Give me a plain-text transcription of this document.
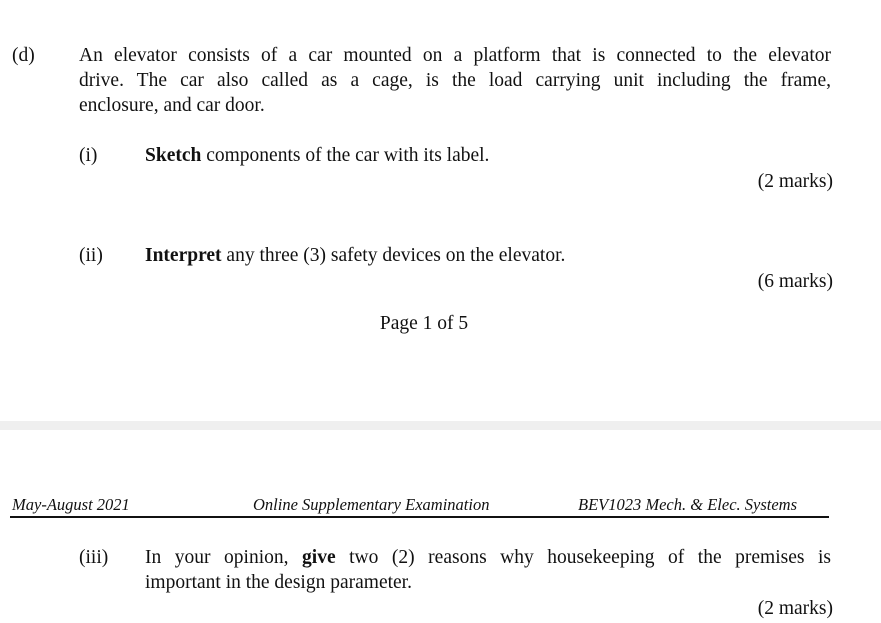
(d) An elevator consists of a car mounted on a platform that is connected to the elevator
drive. The car also called as a cage, is the load carrying unit including the frame,
enclosure, and car door.
(i) Sketch components of the car with its label.
(2 marks)
(ii) Interpret any three (3) safety devices on the elevator.
(6 marks)
Page 1 of 5
May-August 2021	Online Supplementary Examination	BEV1023 Mech. & Elec. Systems
(iii) In your opinion, give two (2) reasons why housekeeping of the premises is
important in the design parameter.
(2 marks)
